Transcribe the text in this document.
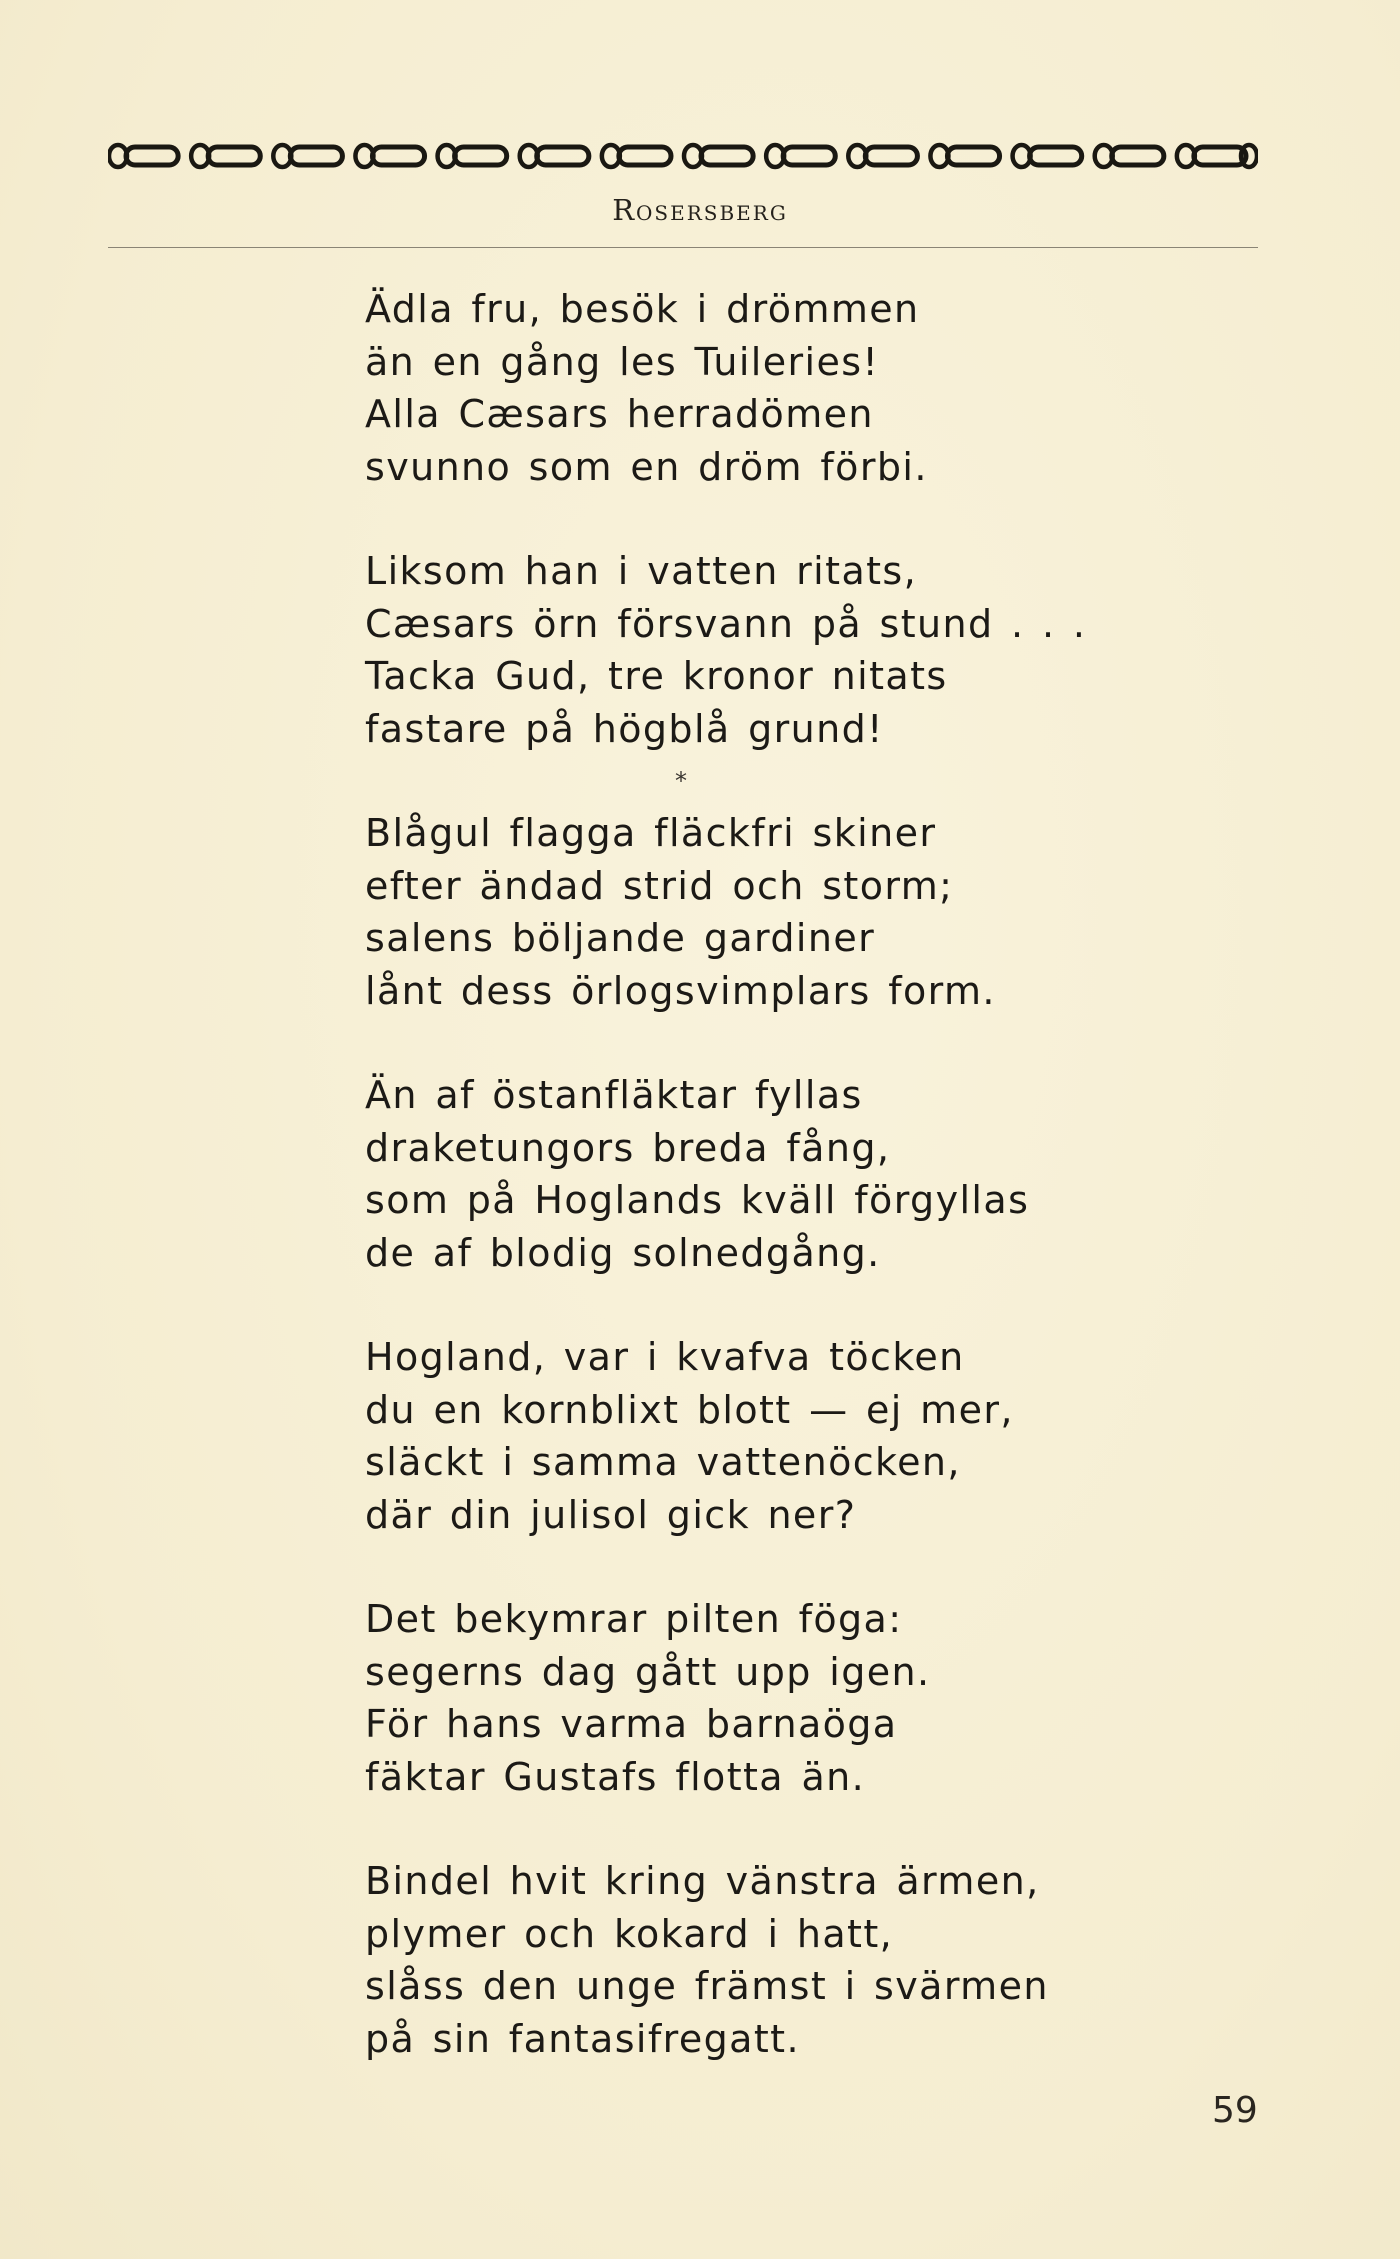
Rosersberg
Ädla fru, besök i drömmen
än en gång les Tuileries!
Alla Cæsars herradömen
svunno som en dröm förbi.
Liksom han i vatten ritats,
Cæsars örn försvann på stund . . .
Tacka Gud, tre kronor nitats
fastare på högblå grund!
*
Blågul flagga fläckfri skiner
efter ändad strid och storm;
salens böljande gardiner
lånt dess örlogsvimplars form.
Än af östanfläktar fyllas
draketungors breda fång,
som på Hoglands kväll förgyllas
de af blodig solnedgång.
Hogland, var i kvafva töcken
du en kornblixt blott — ej mer,
släckt i samma vattenöcken,
där din julisol gick ner?
Det bekymrar pilten föga:
segerns dag gått upp igen.
För hans varma barnaöga
fäktar Gustafs flotta än.
Bindel hvit kring vänstra ärmen,
plymer och kokard i hatt,
slåss den unge främst i svärmen
på sin fantasifregatt.
59
